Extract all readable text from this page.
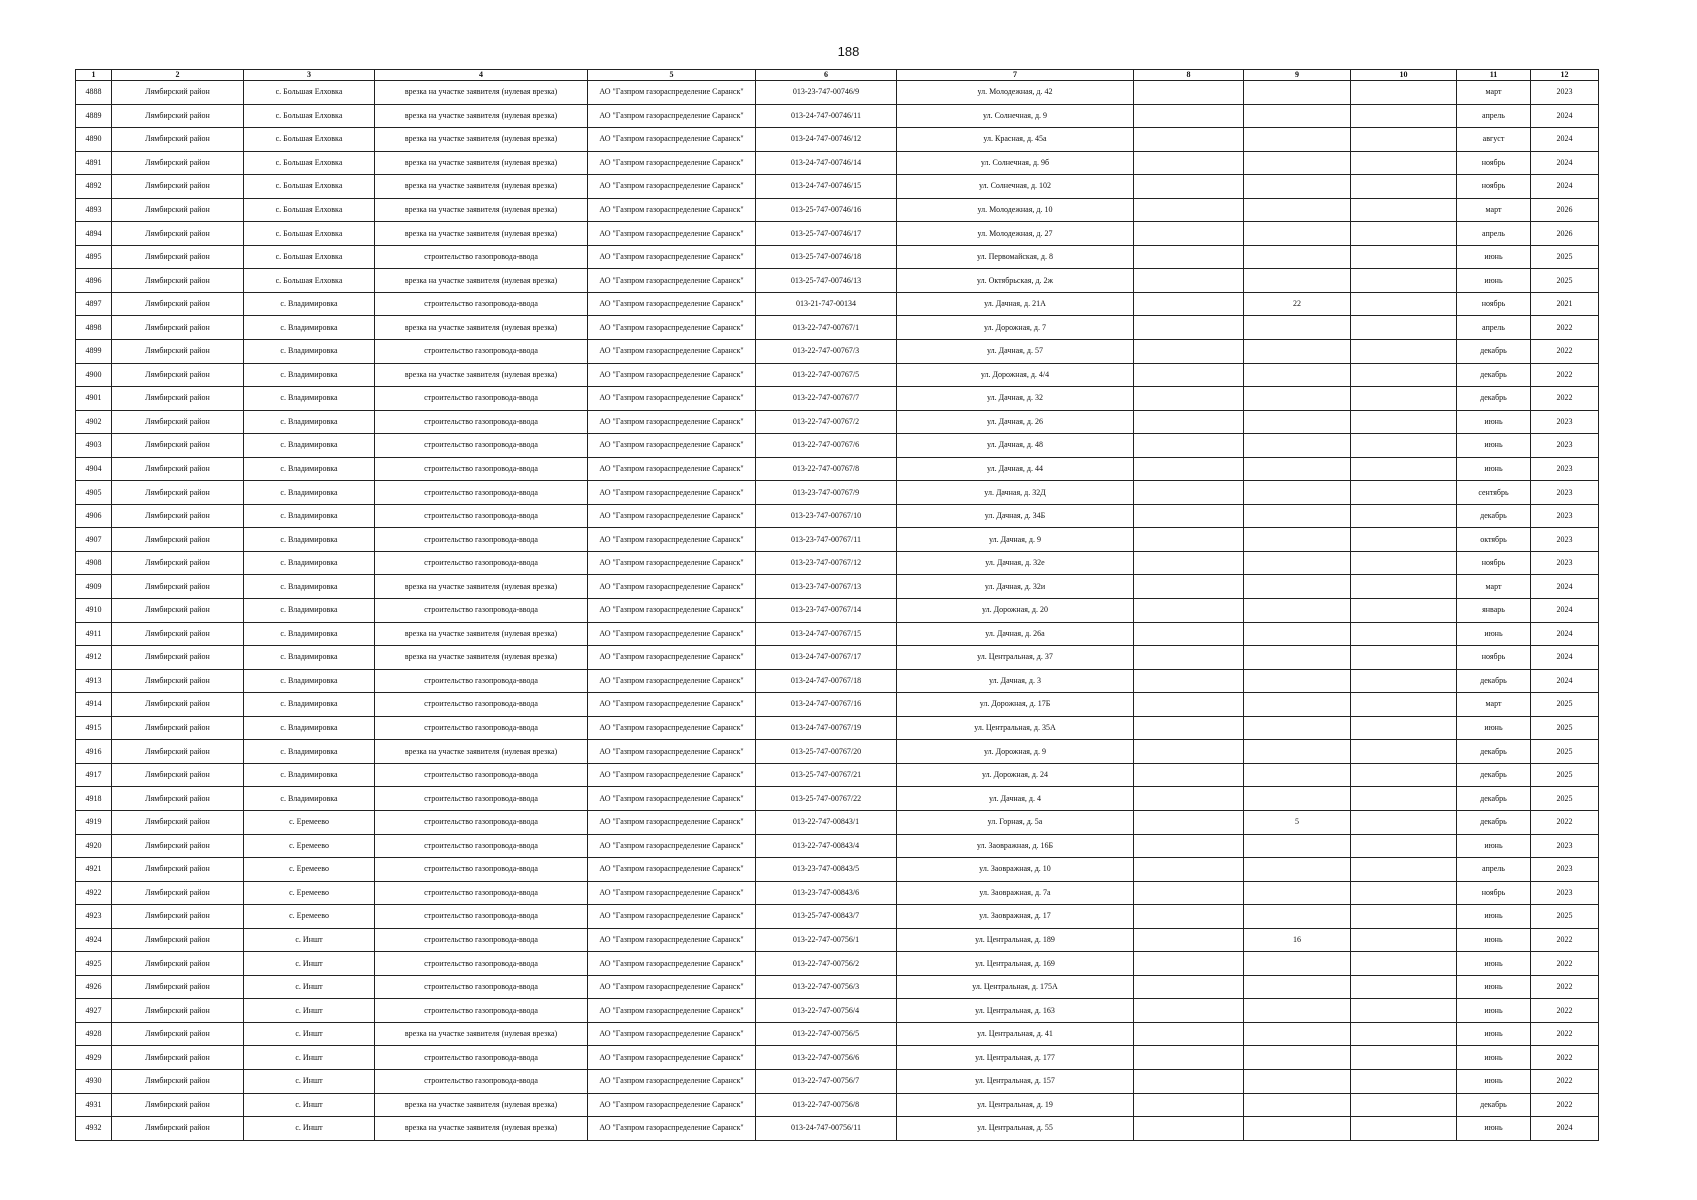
188
1	2	3	4	5	6	7	8	9	10	11	12
4888	Лямбирский район	с. Большая Елховка	врезка на участке заявителя (нулевая врезка)	АО "Газпром газораспределение Саранск"	013-23-747-00746/9	ул. Молодежная, д. 42				март	2023
4889	Лямбирский район	с. Большая Елховка	врезка на участке заявителя (нулевая врезка)	АО "Газпром газораспределение Саранск"	013-24-747-00746/11	ул. Солнечная, д. 9				апрель	2024
4890	Лямбирский район	с. Большая Елховка	врезка на участке заявителя (нулевая врезка)	АО "Газпром газораспределение Саранск"	013-24-747-00746/12	ул. Красная, д. 45а				август	2024
4891	Лямбирский район	с. Большая Елховка	врезка на участке заявителя (нулевая врезка)	АО "Газпром газораспределение Саранск"	013-24-747-00746/14	ул. Солнечная, д. 9б				ноябрь	2024
4892	Лямбирский район	с. Большая Елховка	врезка на участке заявителя (нулевая врезка)	АО "Газпром газораспределение Саранск"	013-24-747-00746/15	ул. Солнечная, д. 102				ноябрь	2024
4893	Лямбирский район	с. Большая Елховка	врезка на участке заявителя (нулевая врезка)	АО "Газпром газораспределение Саранск"	013-25-747-00746/16	ул. Молодежная, д. 10				март	2026
4894	Лямбирский район	с. Большая Елховка	врезка на участке заявителя (нулевая врезка)	АО "Газпром газораспределение Саранск"	013-25-747-00746/17	ул. Молодежная, д. 27				апрель	2026
4895	Лямбирский район	с. Большая Елховка	строительство газопровода-ввода	АО "Газпром газораспределение Саранск"	013-25-747-00746/18	ул. Первомайская, д. 8				июнь	2025
4896	Лямбирский район	с. Большая Елховка	врезка на участке заявителя (нулевая врезка)	АО "Газпром газораспределение Саранск"	013-25-747-00746/13	ул. Октябрьская, д. 2ж				июнь	2025
4897	Лямбирский район	с. Владимировка	строительство газопровода-ввода	АО "Газпром газораспределение Саранск"	013-21-747-00134	ул. Дачная, д. 21А		22		ноябрь	2021
4898	Лямбирский район	с. Владимировка	врезка на участке заявителя (нулевая врезка)	АО "Газпром газораспределение Саранск"	013-22-747-00767/1	ул. Дорожная, д. 7				апрель	2022
4899	Лямбирский район	с. Владимировка	строительство газопровода-ввода	АО "Газпром газораспределение Саранск"	013-22-747-00767/3	ул. Дачная, д. 57				декабрь	2022
4900	Лямбирский район	с. Владимировка	врезка на участке заявителя (нулевая врезка)	АО "Газпром газораспределение Саранск"	013-22-747-00767/5	ул. Дорожная, д. 4/4				декабрь	2022
4901	Лямбирский район	с. Владимировка	строительство газопровода-ввода	АО "Газпром газораспределение Саранск"	013-22-747-00767/7	ул. Дачная, д. 32				декабрь	2022
4902	Лямбирский район	с. Владимировка	строительство газопровода-ввода	АО "Газпром газораспределение Саранск"	013-22-747-00767/2	ул. Дачная, д. 26				июнь	2023
4903	Лямбирский район	с. Владимировка	строительство газопровода-ввода	АО "Газпром газораспределение Саранск"	013-22-747-00767/6	ул. Дачная, д. 48				июнь	2023
4904	Лямбирский район	с. Владимировка	строительство газопровода-ввода	АО "Газпром газораспределение Саранск"	013-22-747-00767/8	ул. Дачная, д. 44				июнь	2023
4905	Лямбирский район	с. Владимировка	строительство газопровода-ввода	АО "Газпром газораспределение Саранск"	013-23-747-00767/9	ул. Дачная, д. 32Д				сентябрь	2023
4906	Лямбирский район	с. Владимировка	строительство газопровода-ввода	АО "Газпром газораспределение Саранск"	013-23-747-00767/10	ул. Дачная, д. 34Б				декабрь	2023
4907	Лямбирский район	с. Владимировка	строительство газопровода-ввода	АО "Газпром газораспределение Саранск"	013-23-747-00767/11	ул. Дачная, д. 9				октябрь	2023
4908	Лямбирский район	с. Владимировка	строительство газопровода-ввода	АО "Газпром газораспределение Саранск"	013-23-747-00767/12	ул. Дачная, д. 32е				ноябрь	2023
4909	Лямбирский район	с. Владимировка	врезка на участке заявителя (нулевая врезка)	АО "Газпром газораспределение Саранск"	013-23-747-00767/13	ул. Дачная, д. 32и				март	2024
4910	Лямбирский район	с. Владимировка	строительство газопровода-ввода	АО "Газпром газораспределение Саранск"	013-23-747-00767/14	ул. Дорожная, д. 20				январь	2024
4911	Лямбирский район	с. Владимировка	врезка на участке заявителя (нулевая врезка)	АО "Газпром газораспределение Саранск"	013-24-747-00767/15	ул. Дачная, д. 26а				июнь	2024
4912	Лямбирский район	с. Владимировка	врезка на участке заявителя (нулевая врезка)	АО "Газпром газораспределение Саранск"	013-24-747-00767/17	ул. Центральная, д. 37				ноябрь	2024
4913	Лямбирский район	с. Владимировка	строительство газопровода-ввода	АО "Газпром газораспределение Саранск"	013-24-747-00767/18	ул. Дачная, д. 3				декабрь	2024
4914	Лямбирский район	с. Владимировка	строительство газопровода-ввода	АО "Газпром газораспределение Саранск"	013-24-747-00767/16	ул. Дорожная, д. 17Б				март	2025
4915	Лямбирский район	с. Владимировка	строительство газопровода-ввода	АО "Газпром газораспределение Саранск"	013-24-747-00767/19	ул. Центральная, д. 35А				июнь	2025
4916	Лямбирский район	с. Владимировка	врезка на участке заявителя (нулевая врезка)	АО "Газпром газораспределение Саранск"	013-25-747-00767/20	ул. Дорожная, д. 9				декабрь	2025
4917	Лямбирский район	с. Владимировка	строительство газопровода-ввода	АО "Газпром газораспределение Саранск"	013-25-747-00767/21	ул. Дорожная, д. 24				декабрь	2025
4918	Лямбирский район	с. Владимировка	строительство газопровода-ввода	АО "Газпром газораспределение Саранск"	013-25-747-00767/22	ул. Дачная, д. 4				декабрь	2025
4919	Лямбирский район	с. Еремеево	строительство газопровода-ввода	АО "Газпром газораспределение Саранск"	013-22-747-00843/1	ул. Горная, д. 5а		5		декабрь	2022
4920	Лямбирский район	с. Еремеево	строительство газопровода-ввода	АО "Газпром газораспределение Саранск"	013-22-747-00843/4	ул. Заовражная, д. 16Б				июнь	2023
4921	Лямбирский район	с. Еремеево	строительство газопровода-ввода	АО "Газпром газораспределение Саранск"	013-23-747-00843/5	ул. Заовражная, д. 10				апрель	2023
4922	Лямбирский район	с. Еремеево	строительство газопровода-ввода	АО "Газпром газораспределение Саранск"	013-23-747-00843/6	ул. Заовражная, д. 7а				ноябрь	2023
4923	Лямбирский район	с. Еремеево	строительство газопровода-ввода	АО "Газпром газораспределение Саранск"	013-25-747-00843/7	ул. Заовражная, д. 17				июнь	2025
4924	Лямбирский район	с. Иншт	строительство газопровода-ввода	АО "Газпром газораспределение Саранск"	013-22-747-00756/1	ул. Центральная, д. 189		16		июнь	2022
4925	Лямбирский район	с. Иншт	строительство газопровода-ввода	АО "Газпром газораспределение Саранск"	013-22-747-00756/2	ул. Центральная, д. 169				июнь	2022
4926	Лямбирский район	с. Иншт	строительство газопровода-ввода	АО "Газпром газораспределение Саранск"	013-22-747-00756/3	ул. Центральная, д. 175А				июнь	2022
4927	Лямбирский район	с. Иншт	строительство газопровода-ввода	АО "Газпром газораспределение Саранск"	013-22-747-00756/4	ул. Центральная, д. 163				июнь	2022
4928	Лямбирский район	с. Иншт	врезка на участке заявителя (нулевая врезка)	АО "Газпром газораспределение Саранск"	013-22-747-00756/5	ул. Центральная, д. 41				июнь	2022
4929	Лямбирский район	с. Иншт	строительство газопровода-ввода	АО "Газпром газораспределение Саранск"	013-22-747-00756/6	ул. Центральная, д. 177				июнь	2022
4930	Лямбирский район	с. Иншт	строительство газопровода-ввода	АО "Газпром газораспределение Саранск"	013-22-747-00756/7	ул. Центральная, д. 157				июнь	2022
4931	Лямбирский район	с. Иншт	врезка на участке заявителя (нулевая врезка)	АО "Газпром газораспределение Саранск"	013-22-747-00756/8	ул. Центральная, д. 19				декабрь	2022
4932	Лямбирский район	с. Иншт	врезка на участке заявителя (нулевая врезка)	АО "Газпром газораспределение Саранск"	013-24-747-00756/11	ул. Центральная, д. 55				июнь	2024
